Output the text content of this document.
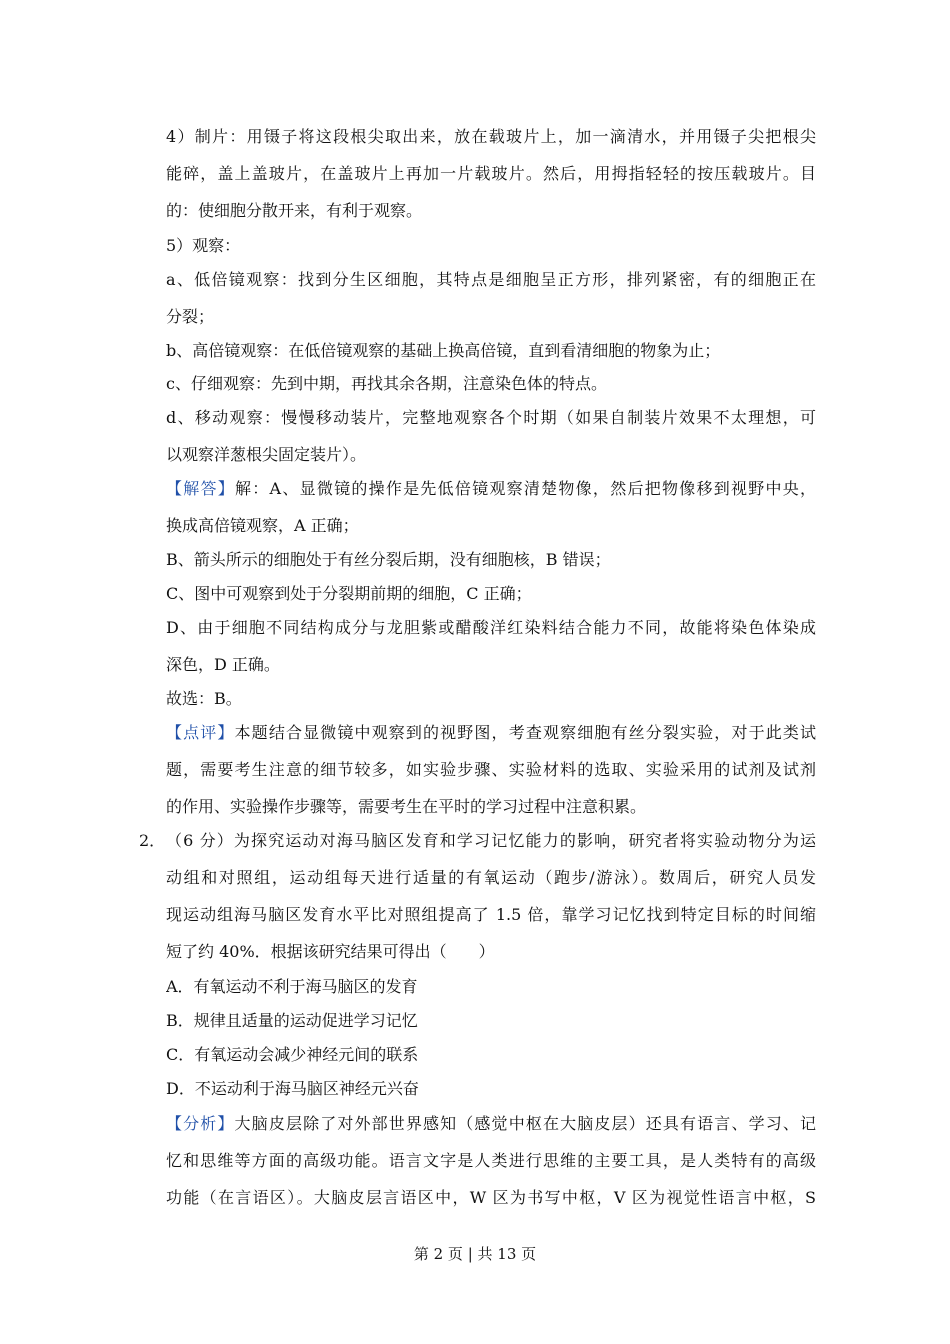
4）制片：用镊子将这段根尖取出来，放在载玻片上，加一滴清水，并用镊子尖把根尖
能碎，盖上盖玻片，在盖玻片上再加一片载玻片。然后，用拇指轻轻的按压载玻片。目
的：使细胞分散开来，有利于观察。
5）观察：
a、低倍镜观察：找到分生区细胞，其特点是细胞呈正方形，排列紧密，有的细胞正在
分裂；
b、高倍镜观察：在低倍镜观察的基础上换高倍镜，直到看清细胞的物象为止；
c、仔细观察：先到中期，再找其余各期，注意染色体的特点。
d、移动观察：慢慢移动装片，完整地观察各个时期（如果自制装片效果不太理想，可
以观察洋葱根尖固定装片）。
【解答】解：A、显微镜的操作是先低倍镜观察清楚物像，然后把物像移到视野中央，
换成高倍镜观察，A 正确；
B、箭头所示的细胞处于有丝分裂后期，没有细胞核，B 错误；
C、图中可观察到处于分裂期前期的细胞，C 正确；
D、由于细胞不同结构成分与龙胆紫或醋酸洋红染料结合能力不同，故能将染色体染成
深色，D 正确。
故选：B。
【点评】本题结合显微镜中观察到的视野图，考查观察细胞有丝分裂实验，对于此类试
题，需要考生注意的细节较多，如实验步骤、实验材料的选取、实验采用的试剂及试剂
的作用、实验操作步骤等，需要考生在平时的学习过程中注意积累。
2． （6 分）为探究运动对海马脑区发育和学习记忆能力的影响，研究者将实验动物分为运
动组和对照组，运动组每天进行适量的有氧运动（跑步/游泳）。数周后，研究人员发
现运动组海马脑区发育水平比对照组提高了 1.5 倍，靠学习记忆找到特定目标的时间缩
短了约 40%．根据该研究结果可得出（　　）
A．有氧运动不利于海马脑区的发育
B．规律且适量的运动促进学习记忆
C．有氧运动会减少神经元间的联系
D．不运动利于海马脑区神经元兴奋
【分析】大脑皮层除了对外部世界感知（感觉中枢在大脑皮层）还具有语言、学习、记
忆和思维等方面的高级功能。语言文字是人类进行思维的主要工具，是人类特有的高级
功能（在言语区）。大脑皮层言语区中，W 区为书写中枢，V 区为视觉性语言中枢，S
第 2 页 | 共 13 页
